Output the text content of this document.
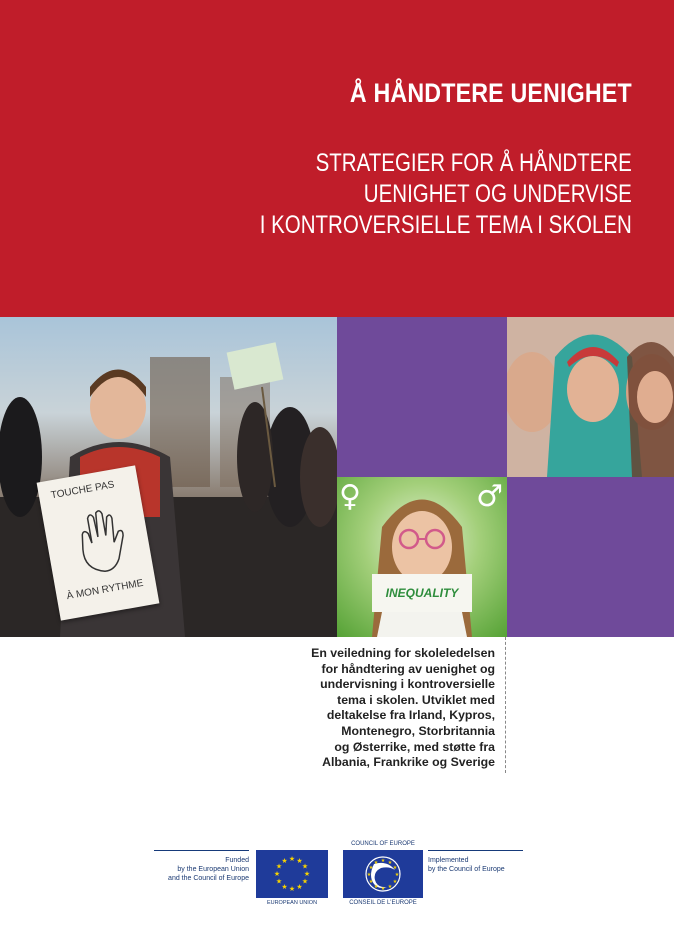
Å HÅNDTERE UENIGHET
STRATEGIER FOR Å HÅNDTERE
UENIGHET OG UNDERVISE
I KONTROVERSIELLE TEMA I SKOLEN
TOUCHE PAS
À MON RYTHME
♀	♂
INEQUALITY
En veiledning for skoleledelsen
for håndtering av uenighet og
undervisning i kontroversielle
tema i skolen. Utviklet med
deltakelse fra Irland, Kypros,
Montenegro, Storbritannia
og Østerrike, med støtte fra
Albania, Frankrike og Sverige
Funded
by the European Union
and the Council of Europe
★ ★
★
★
★
★
★
★
★
★
★
★
EUROPEAN UNION
COUNCIL OF EUROPE
★ ★
★
★
★
★
★
★
★
★
★
★
CONSEIL DE L'EUROPE
Implemented
by the Council of Europe
